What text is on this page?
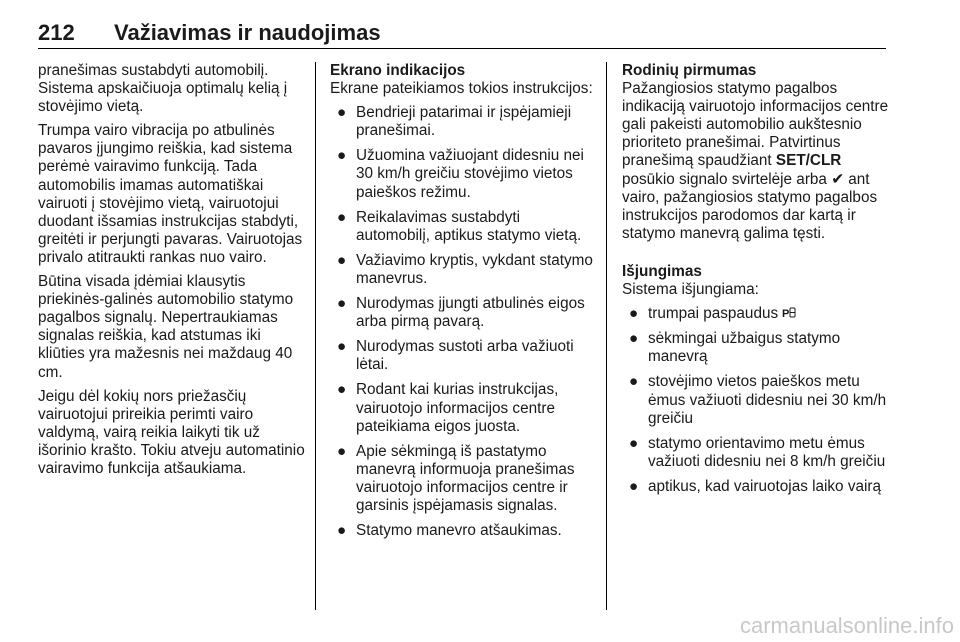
212 Važiavimas ir naudojimas

pranešimas sustabdyti automobilį. Sistema apskaičiuoja optimalų kelią į stovėjimo vietą.

Trumpa vairo vibracija po atbulinės pavaros įjungimo reiškia, kad sistema perėmė vairavimo funkciją. Tada automobilis imamas automatiškai vairuoti į stovėjimo vietą, vairuotojui duodant išsamias instrukcijas stabdyti, greitėti ir perjungti pavaras. Vairuotojas privalo atitraukti rankas nuo vairo.

Būtina visada įdėmiai klausytis priekinės-galinės automobilio statymo pagalbos signalų. Nepertraukiamas signalas reiškia, kad atstumas iki kliūties yra mažesnis nei maždaug 40 cm.

Jeigu dėl kokių nors priežasčių vairuotojui prireikia perimti vairo valdymą, vairą reikia laikyti tik už išorinio krašto. Tokiu atveju automatinio vairavimo funkcija atšaukiama.

Ekrano indikacijos
Ekrane pateikiamos tokios instrukcijos:
● Bendrieji patarimai ir įspėjamieji pranešimai.
● Užuomina važiuojant didesniu nei 30 km/h greičiu stovėjimo vietos paieškos režimu.
● Reikalavimas sustabdyti automobilį, aptikus statymo vietą.
● Važiavimo kryptis, vykdant statymo manevrus.
● Nurodymas įjungti atbulinės eigos arba pirmą pavarą.
● Nurodymas sustoti arba važiuoti lėtai.
● Rodant kai kurias instrukcijas, vairuotojo informacijos centre pateikiama eigos juosta.
● Apie sėkmingą iš pastatymo manevrą informuoja pranešimas vairuotojo informacijos centre ir garsinis įspėjamasis signalas.
● Statymo manevro atšaukimas.
Rodinių pirmumas

Pažangiosios statymo pagalbos indikaciją vairuotojo informacijos centre gali pakeisti automobilio aukštesnio prioriteto pranešimai. Patvirtinus pranešimą spaudžiant SET/CLR posūkio signalo svirtelėje arba ✔ ant vairo, pažangiosios statymo pagalbos instrukcijos parodomos dar kartą ir statymo manevrą galima tęsti.

Išjungimas
Sistema išjungiama:
● trumpai paspaudus P
● sėkmingai užbaigus statymo manevrą
● stovėjimo vietos paieškos metu ėmus važiuoti didesniu nei 30 km/h greičiu
● statymo orientavimo metu ėmus važiuoti didesniu nei 8 km/h greičiu
● aptikus, kad vairuotojas laiko vairą
carmanualsonline.info
